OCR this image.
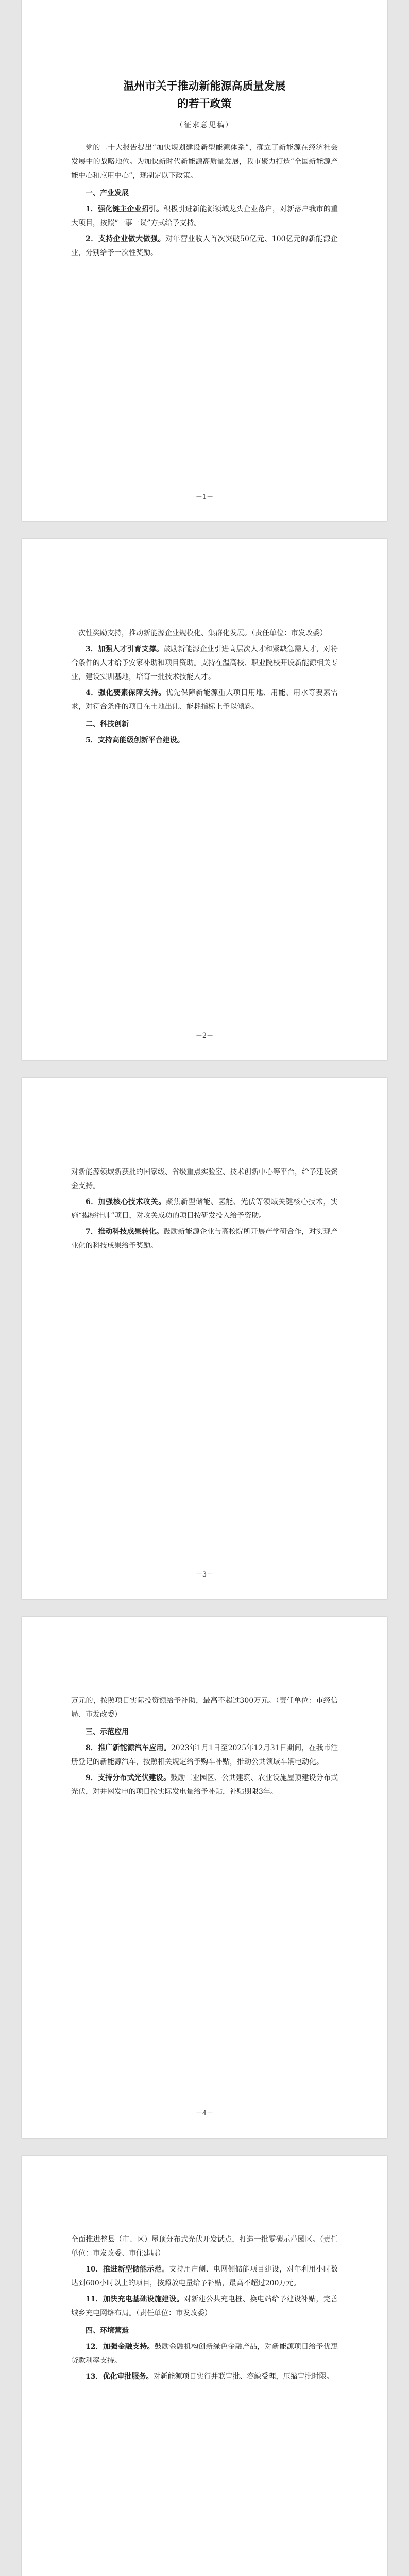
温州市关于推动新能源高质量发展
的若干政策
（征求意见稿）

党的二十大报告提出“加快规划建设新型能源体系”，确立了新能源在经济社会发展中的战略地位。为加快新时代新能源高质量发展，我市聚力打造“全国新能源产能中心和应用中心”，现制定以下政策。

一、产业发展

1．强化链主企业招引。积极引进新能源领域龙头企业落户，对新落户我市的重大项目，按照“一事一议”方式给予支持。

2．支持企业做大做强。对年营业收入首次突破50亿元、100亿元的新能源企业，分别给予一次性奖励。

－1－

一次性奖励支持，推动新能源企业规模化、集群化发展。（责任单位：市发改委）

3．加强人才引育支撑。鼓励新能源企业引进高层次人才和紧缺急需人才，对符合条件的人才给予安家补助和项目资助。支持在温高校、职业院校开设新能源相关专业，建设实训基地，培育一批技术技能人才。

4．强化要素保障支持。优先保障新能源重大项目用地、用能、用水等要素需求，对符合条件的项目在土地出让、能耗指标上予以倾斜。

二、科技创新

5．支持高能级创新平台建设。

－2－

对新能源领域新获批的国家级、省级重点实验室、技术创新中心等平台，给予建设资金支持。

6．加强核心技术攻关。聚焦新型储能、氢能、光伏等领域关键核心技术，实施“揭榜挂帅”项目，对攻关成功的项目按研发投入给予资助。

7．推动科技成果转化。鼓励新能源企业与高校院所开展产学研合作，对实现产业化的科技成果给予奖励。

－3－

万元的，按照项目实际投资额给予补助，最高不超过300万元。（责任单位：市经信局、市发改委）

三、示范应用

8．推广新能源汽车应用。2023年1月1日至2025年12月31日期间，在我市注册登记的新能源汽车，按照相关规定给予购车补贴，推动公共领域车辆电动化。

9．支持分布式光伏建设。鼓励工业园区、公共建筑、农业设施屋顶建设分布式光伏，对并网发电的项目按实际发电量给予补贴，补贴期限3年。

－4－

全面推进整县（市、区）屋顶分布式光伏开发试点，打造一批零碳示范园区。（责任单位：市发改委、市住建局）

10．推进新型储能示范。支持用户侧、电网侧储能项目建设，对年利用小时数达到600小时以上的项目，按照放电量给予补贴，最高不超过200万元。

11．加快充电基础设施建设。对新建公共充电桩、换电站给予建设补贴，完善城乡充电网络布局。（责任单位：市发改委）

四、环境营造

12．加强金融支持。鼓励金融机构创新绿色金融产品，对新能源项目给予优惠贷款利率支持。

13．优化审批服务。对新能源项目实行并联审批、容缺受理，压缩审批时限。
